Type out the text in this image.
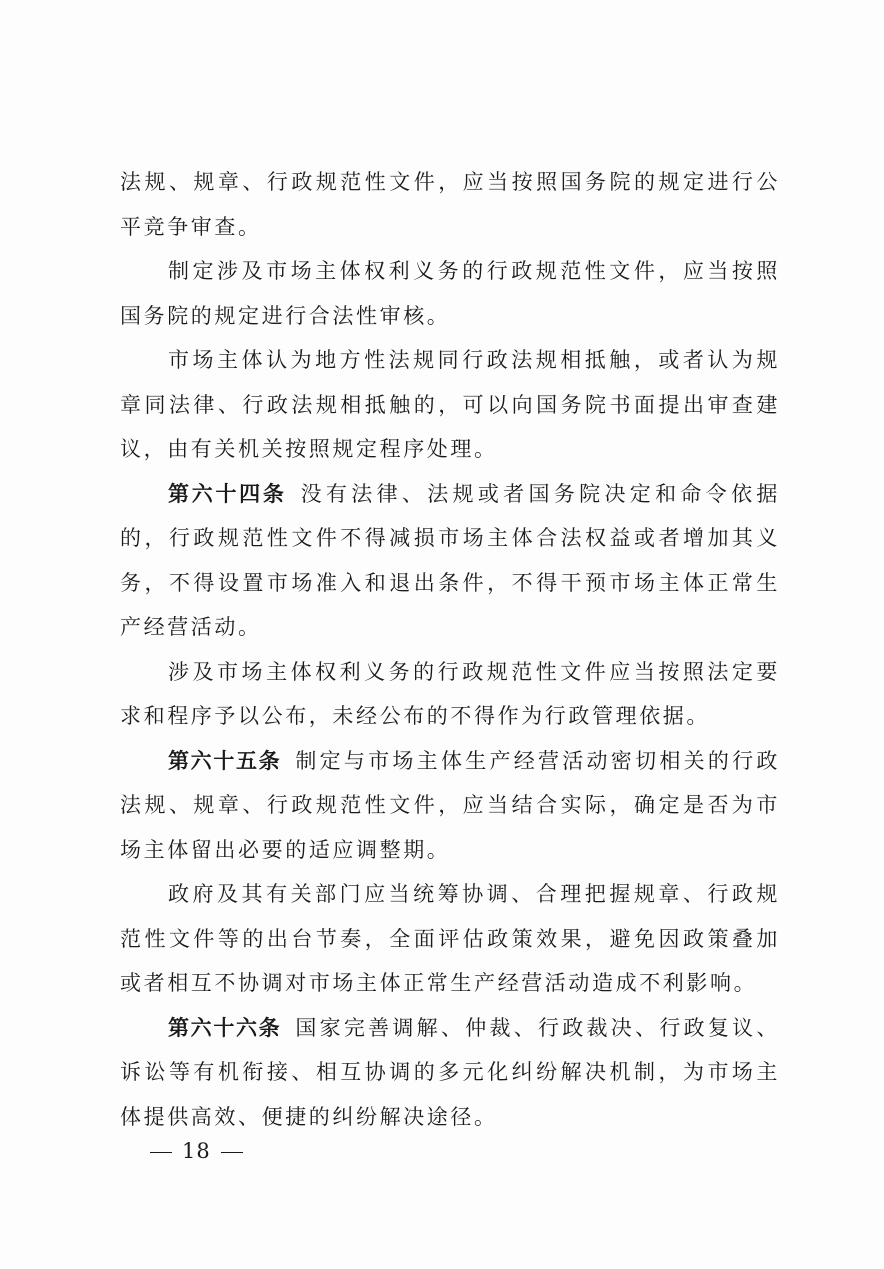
法规、规章、行政规范性文件，应当按照国务院的规定进行公平竞争审查。

制定涉及市场主体权利义务的行政规范性文件，应当按照国务院的规定进行合法性审核。

市场主体认为地方性法规同行政法规相抵触，或者认为规章同法律、行政法规相抵触的，可以向国务院书面提出审查建议，由有关机关按照规定程序处理。

第六十四条 没有法律、法规或者国务院决定和命令依据的，行政规范性文件不得减损市场主体合法权益或者增加其义务，不得设置市场准入和退出条件，不得干预市场主体正常生产经营活动。

涉及市场主体权利义务的行政规范性文件应当按照法定要求和程序予以公布，未经公布的不得作为行政管理依据。

第六十五条 制定与市场主体生产经营活动密切相关的行政法规、规章、行政规范性文件，应当结合实际，确定是否为市场主体留出必要的适应调整期。

政府及其有关部门应当统筹协调、合理把握规章、行政规范性文件等的出台节奏，全面评估政策效果，避免因政策叠加或者相互不协调对市场主体正常生产经营活动造成不利影响。

第六十六条 国家完善调解、仲裁、行政裁决、行政复议、诉讼等有机衔接、相互协调的多元化纠纷解决机制，为市场主体提供高效、便捷的纠纷解决途径。

18
